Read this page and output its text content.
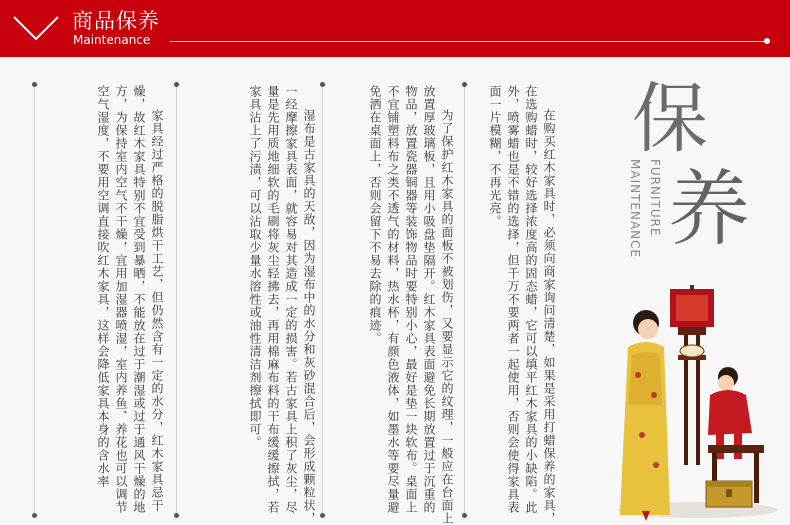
商品保养
Maintenance
在购买红木家具时，必须向商家询问清楚，如果是采用打蜡保养的家具，在选购蜡时，较好选择浓度高的固态蜡，它可以填平红木家具的小缺陷。此外，喷雾蜡也是不错的选择，但千万不要两者一起使用，否则会使得家具表面一片模糊，不再光亮。
为了保护红木家具的面板不被划伤，又要显示它的纹理，一般应在台面上放置厚玻璃板，且用小吸盘垫隔开。红木家具表面避免长期放置过于沉重的物品，放置瓷器铜器等装饰物品时要特别小心，最好是垫一块软布。桌面上不宜铺塑料布之类不透气的材料，热水杯，有颜色液体，如墨水等要尽量避免洒在桌面上，否则会留下不易去除的痕迹。
湿布是古家具的天敌，因为湿布中的水分和灰砂混合后，会形成颗粒状，一经摩擦家具表面，就容易对其造成一定的损害。若古家具上积了灰尘，尽量是先用质地细软的毛刷将灰尘轻拂去，再用棉麻布料的干布缓缓擦拭，若家具沾上了污渍，可以沾取少量水溶性或油性清洁剂擦拭即可。
家具经过严格的脱脂烘干工艺，但仍然含有一定的水分，红木家具忌干燥，故红木家具特别不宜受到暴晒，不能放在过于潮湿或过于通风干燥的地方，为保持室内空气不干燥，宜用加湿器喷湿，室内养鱼、养花也可以调节空气湿度，不要用空调直接吹红木家具，这样会降低家具本身的含水率	保
养
FURNITURE
MAINTENANCE
